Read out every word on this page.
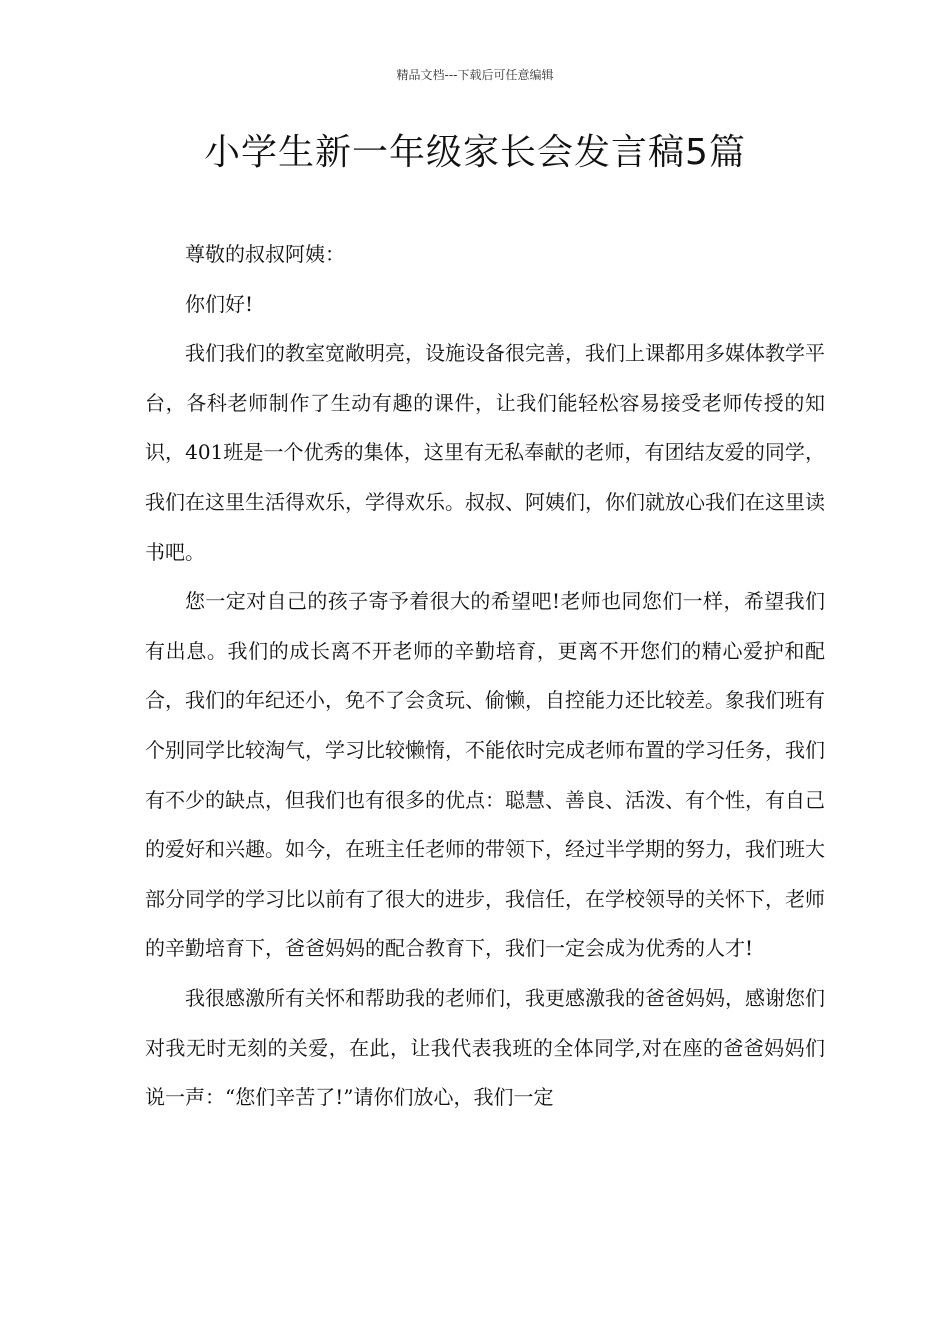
精品文档---下载后可任意编辑
小学生新一年级家长会发言稿5篇

尊敬的叔叔阿姨：

你们好!

我们我们的教室宽敞明亮，设施设备很完善，我们上课都用多媒体教学平台，各科老师制作了生动有趣的课件，让我们能轻松容易接受老师传授的知识，401班是一个优秀的集体，这里有无私奉献的老师，有团结友爱的同学，我们在这里生活得欢乐，学得欢乐。叔叔、阿姨们，你们就放心我们在这里读书吧。

您一定对自己的孩子寄予着很大的希望吧!老师也同您们一样，希望我们有出息。我们的成长离不开老师的辛勤培育，更离不开您们的精心爱护和配合，我们的年纪还小，免不了会贪玩、偷懒，自控能力还比较差。象我们班有个别同学比较淘气，学习比较懒惰，不能依时完成老师布置的学习任务，我们有不少的缺点，但我们也有很多的优点：聪慧、善良、活泼、有个性，有自己的爱好和兴趣。如今，在班主任老师的带领下，经过半学期的努力，我们班大部分同学的学习比以前有了很大的进步，我信任，在学校领导的关怀下，老师的辛勤培育下，爸爸妈妈的配合教育下，我们一定会成为优秀的人才!

我很感激所有关怀和帮助我的老师们，我更感激我的爸爸妈妈，感谢您们对我无时无刻的关爱，在此，让我代表我班的全体同学,对在座的爸爸妈妈们说一声：“您们辛苦了!”请你们放心，我们一定
